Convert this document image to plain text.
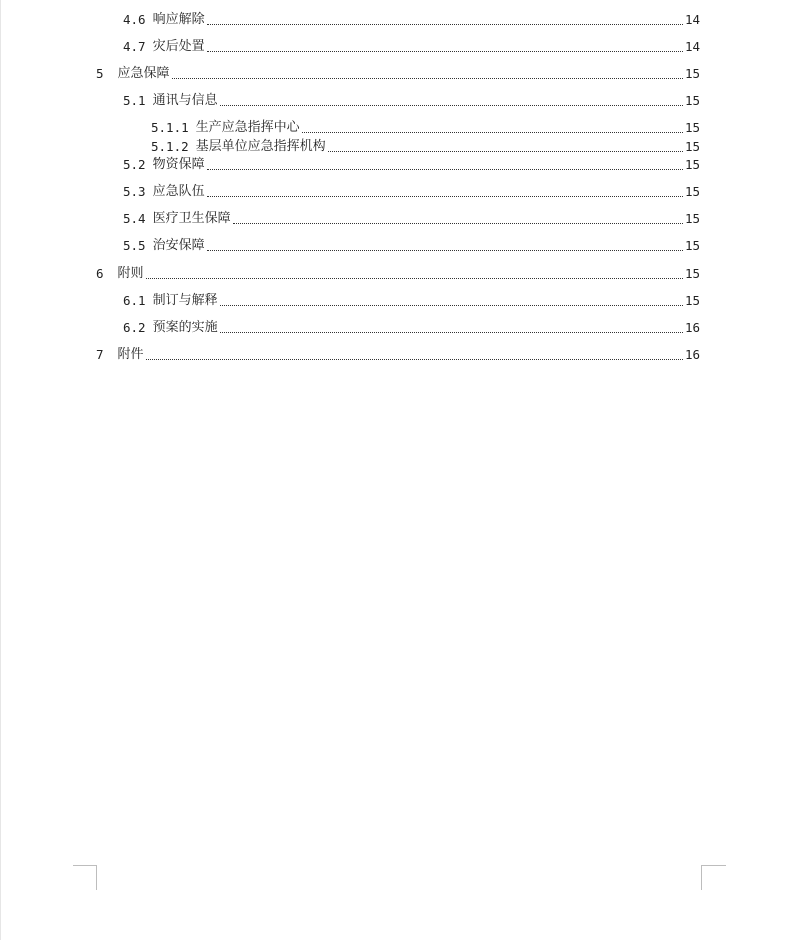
4.6 响应解除	14
4.7 灾后处置	14
5 应急保障	15
5.1 通讯与信息	15
5.1.1 生产应急指挥中心	15
5.1.2 基层单位应急指挥机构	15
5.2 物资保障	15
5.3 应急队伍	15
5.4 医疗卫生保障	15
5.5 治安保障	15
6 附则	15
6.1 制订与解释	15
6.2 预案的实施	16
7 附件	16
